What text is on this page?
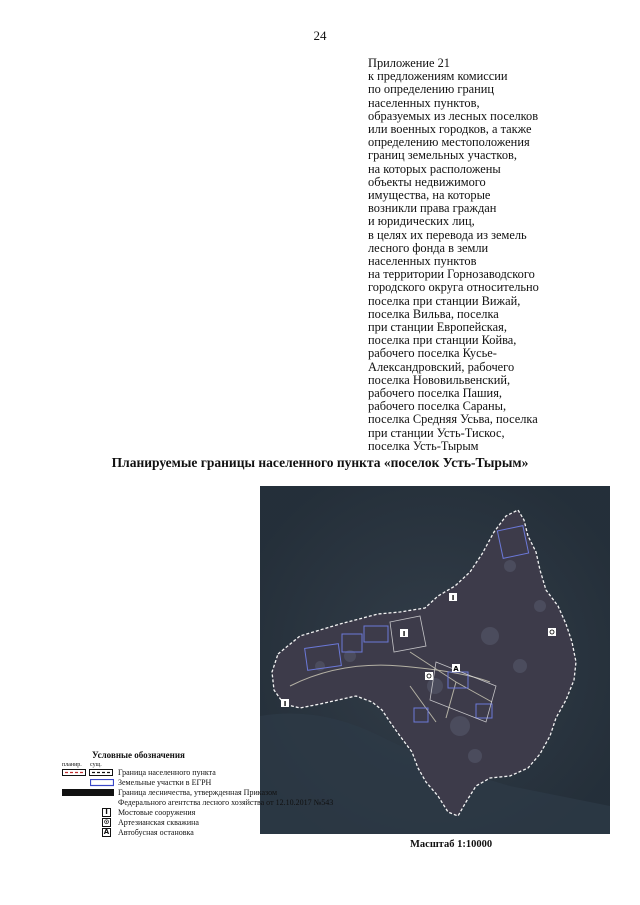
24
Приложение 21
к предложениям комиссии
по определению границ
населенных пунктов,
образуемых из лесных поселков
или военных городков, а также
определению местоположения
границ земельных участков,
на которых расположены
объекты недвижимого
имущества, на которые
возникли права граждан
и юридических лиц,
в целях их перевода из земель
лесного фонда в земли
населенных пунктов
на территории Горнозаводского
городского округа относительно
поселка при станции Вижай,
поселка Вильва, поселка
при станции Европейская,
поселка при станции Койва,
рабочего поселка Кусье-
Александровский, рабочего
поселка Нововильвенский,
рабочего поселка Пашия,
рабочего поселка Сараны,
поселка Средняя Усьва, поселка
при станции Усть-Тискос,
поселка Усть-Тырым
Планируемые границы населенного пункта «поселок Усть-Тырым»
I
I
I
A
Условные обозначения
планир. сущ.
Граница населенного пункта
Земельные участки в ЕГРН
Граница лесничества, утвержденная Приказом
Федерального агентства лесного хозяйства от 12.10.2017 №543
I	Мостовые сооружения
⊙ Артезианская скважина
A Автобусная остановка
Масштаб 1:10000
